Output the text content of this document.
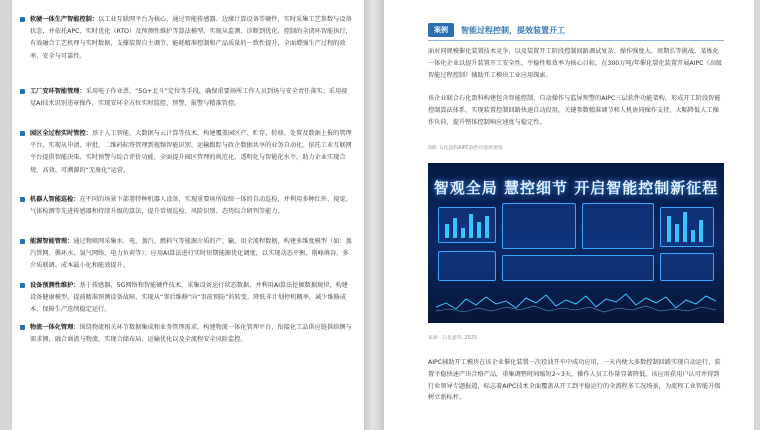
软硬一体生产智能控制：以工业互联网平台为核心，通过智能传感器、边缘计算设备等硬件，实时采集工艺参数与设备状态，并依托APC、实时优化（RTO）及预测性维护等算法模型，实现从监测、诊断到优化、控制的全闭环智能执行，有效融合工艺机理与实时数据，支撑装置自主调节、能耗精准控制和产品质量的一致性提升，全面增强生产过程的效率、安全与可靠性。
工厂安环智能管理：采用电子作业票、“5G+北斗”定位等手段，确保重要场所工作人员到场与安全责任落实；采用视觉AI技术识别违章操作，实现安环全方位实时监控、预警、报警与精准管控。
园区全过程实时管控：基于人工智能、大数据与云计算等技术，构建覆盖园区产、贮存、转移、处置及数据上报的管理平台，实现从申请、审批、二维码标签管理到视频智能识别、运输跟踪与政企数据共享的业务自动化。依托工业互联网平台提供智能决策、实时预警与综合评价功能，全面提升园区管理的规范化、透明化与智能化水平，助力企业实现合规、高效、可溯源的“无废化”运营。
机器人智能巡检：在不同的场景下部署特种机器人设备，实现重要场所取缔一体的自动巡检，并利用多种红外、视觉、气体检测等先进传感器和持续升级的算法，提升常规巡检、风险识别、态势综合研判等能力。
能源智能管理：通过物联网采集水、电、蒸汽、燃料气等能源介质的产、输、用全流程数据，构建多维度模型（如：蒸汽管网、循环水、氢气网络、电力负荷等）；应用AI算法进行实时短期能源优化调度，以实现动态平衡、削峰填谷、多介质联调、成本最小化和能效提升。
设备预测性维护：基于传感器、5G网络和智能硬件技术，采集设备运行状态数据，并利用AI算法挖掘数据规律，构建设备健康模型，提前精准预测设备故障，实现从“事后维修”向“事前预防”的转变，降低非计划停机概率，减少维修成本，保障生产连续稳定运行。
物流一体化管理：围绕物流相关环节数据集成和业务管理需求，构建物流一体化管理平台，衔接化工品供应链供给侧与需求侧，融合商流与物流，实现合储布局、运输优化以及全流程安全风险监控。
案例	智能过程控制，提效装置开工
面对同规模催化装置技术竞争，以及装置开工阶段控制回路调试复杂、操作强度大、周期长等挑战，某炼化一体化企业以提升装置开工安全性、平稳性和效率为核心目标，在300万吨/年催化裂化装置开展AIPC（高级智能过程控制）辅助开工模块工业应用探索。
该企业联合石化盈科构建包含智能控制、自动操作与监屏预警的AIPC三层软件功能架构，形成开工阶段智能控制算法体系，实现装置控制回路快速自动投用，关键参数精准调节和人机协同操作支持，大幅降低人工操作负荷，提升整体控制响应速度与稳定性。
图6: 石化盈科AIPC软件功能新要图
智观全局 慧控细节 开启智能控制新征程
来源：石化盈科, 2025
AIPC辅助开工模块在该企业催化装置一次投油开车中成功应用，一天内便大多数控制回路实现自动运行，装置平稳快速产出合格产品，重集调整时间缩短2~3天，操作人员工作量显著降低。该应用获用户认可并得到行业领导专题报道，标志着AIPC技术全面覆盖从开工到平稳运行的全流程多工况场景，为流程工业智能升级树立新标杆。
